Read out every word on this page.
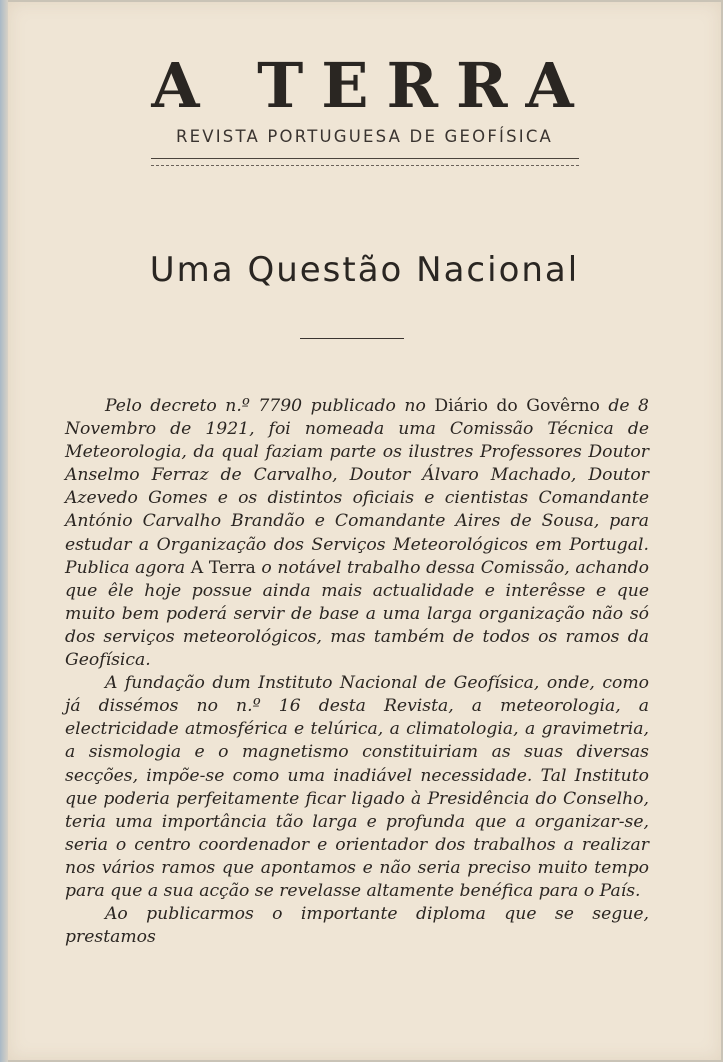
A TERRA
REVISTA PORTUGUESA DE GEOFÍSICA
Uma Questão Nacional

Pelo decreto n.º 7790 publicado no Diário do Govêrno de 8 Novembro de 1921, foi nomeada uma Comissão Técnica de Meteorologia, da qual faziam parte os ilustres Professores Doutor Anselmo Ferraz de Carvalho, Doutor Álvaro Machado, Doutor Azevedo Gomes e os distintos oficiais e cientistas Comandante António Carvalho Brandão e Comandante Aires de Sousa, para estudar a Organização dos Serviços Meteorológicos em Portugal. Publica agora A Terra o notável trabalho dessa Comissão, achando que êle hoje possue ainda mais actualidade e interêsse e que muito bem poderá servir de base a uma larga organização não só dos serviços meteorológicos, mas também de todos os ramos da Geofísica.

A fundação dum Instituto Nacional de Geofísica, onde, como já dissémos no n.º 16 desta Revista, a meteorologia, a electricidade atmosférica e telúrica, a climatologia, a gravimetria, a sismologia e o magnetismo constituiriam as suas diversas secções, impõe-se como uma inadiável necessidade. Tal Instituto que poderia perfeitamente ficar ligado à Presidência do Conselho, teria uma importância tão larga e profunda que a organizar-se, seria o centro coordenador e orientador dos trabalhos a realizar nos vários ramos que apontamos e não seria preciso muito tempo para que a sua acção se revelasse altamente benéfica para o País.

Ao publicarmos o importante diploma que se segue, prestamos
